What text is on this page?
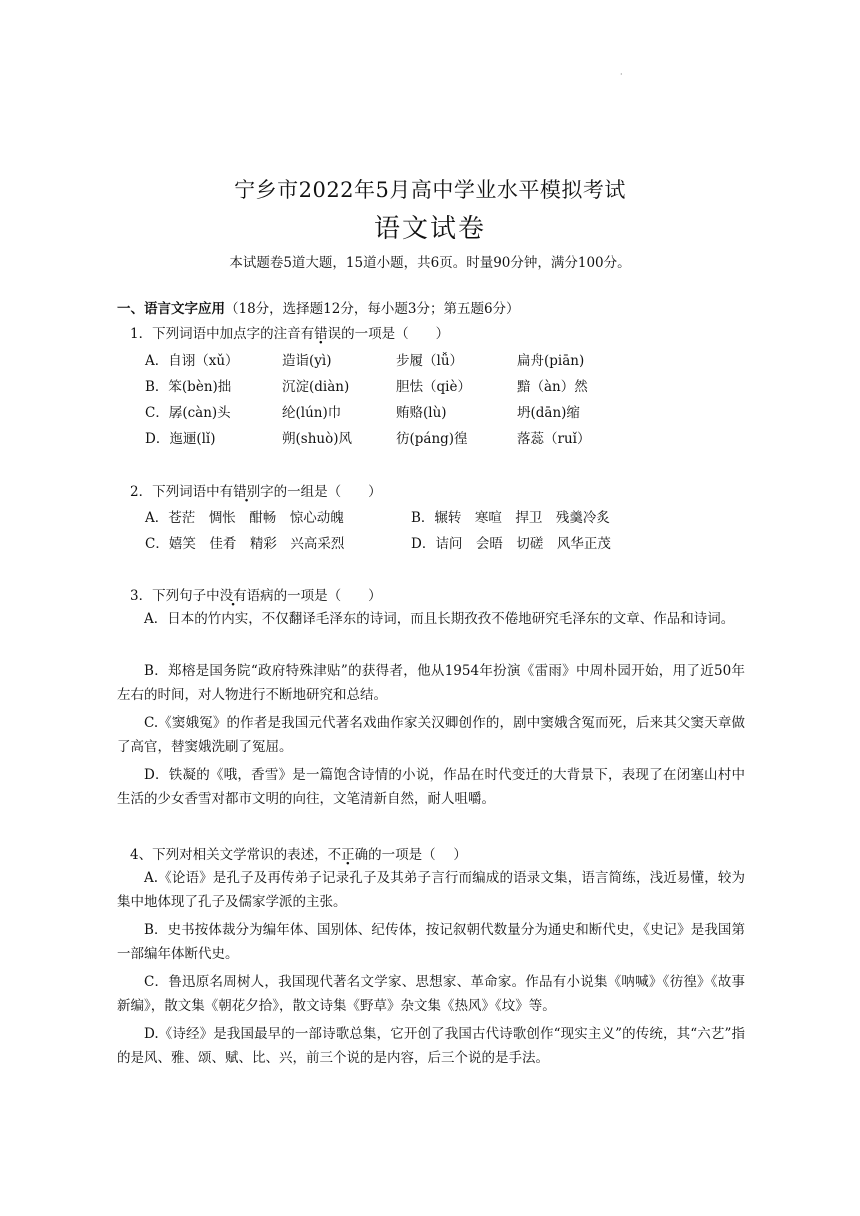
·
宁乡市2022年5月高中学业水平模拟考试
语文试卷
本试题卷5道大题，15道小题，共6页。时量90分钟，满分100分。
一、语言文字应用（18分，选择题12分，每小题3分；第五题6分）
1．下列词语中加点字的注音有错误的一项是（　　）
A．自诩（xǔ）	造诣(yì)	步履（lǚ）	扁舟(piān)
B．笨(bèn)拙	沉淀(diàn)	胆怯（qiè）	黯（àn）然
C．孱(càn)头	纶(lún)巾	贿赂(lù)	坍(dān)缩
D．迤逦(lǐ)	朔(shuò)风	彷(páng)徨	落蕊（ruǐ）
2．下列词语中有错别字的一组是（　　）
A．苍茫　惆怅　酣畅　惊心动魄	B．辗转　寒喧　捍卫　残羹冷炙
C．嬉笑　佳肴　精彩　兴高采烈	D．诘问　会晤　切磋　风华正茂
3．下列句子中没有语病的一项是（　　）
A．日本的竹内实，不仅翻译毛泽东的诗词，而且长期孜孜不倦地研究毛泽东的文章、作品和诗词。
B．郑榕是国务院“政府特殊津贴”的获得者，他从1954年扮演《雷雨》中周朴园开始，用了近50年左右的时间，对人物进行不断地研究和总结。
C.《窦娥冤》的作者是我国元代著名戏曲作家关汉卿创作的，剧中窦娥含冤而死，后来其父窦天章做了高官，替窦娥洗刷了冤屈。
D．铁凝的《哦，香雪》是一篇饱含诗情的小说，作品在时代变迁的大背景下，表现了在闭塞山村中生活的少女香雪对都市文明的向往，文笔清新自然，耐人咀嚼。
4、下列对相关文学常识的表述，不正确的一项是（　 ）
A.《论语》是孔子及再传弟子记录孔子及其弟子言行而编成的语录文集，语言简练，浅近易懂，较为集中地体现了孔子及儒家学派的主张。
B．史书按体裁分为编年体、国别体、纪传体，按记叙朝代数量分为通史和断代史，《史记》是我国第一部编年体断代史。
C．鲁迅原名周树人，我国现代著名文学家、思想家、革命家。作品有小说集《呐喊》《彷徨》《故事新编》，散文集《朝花夕拾》，散文诗集《野草》杂文集《热风》《坟》等。
D.《诗经》是我国最早的一部诗歌总集，它开创了我国古代诗歌创作“现实主义”的传统，其“六艺”指的是风、雅、颂、赋、比、兴，前三个说的是内容，后三个说的是手法。
